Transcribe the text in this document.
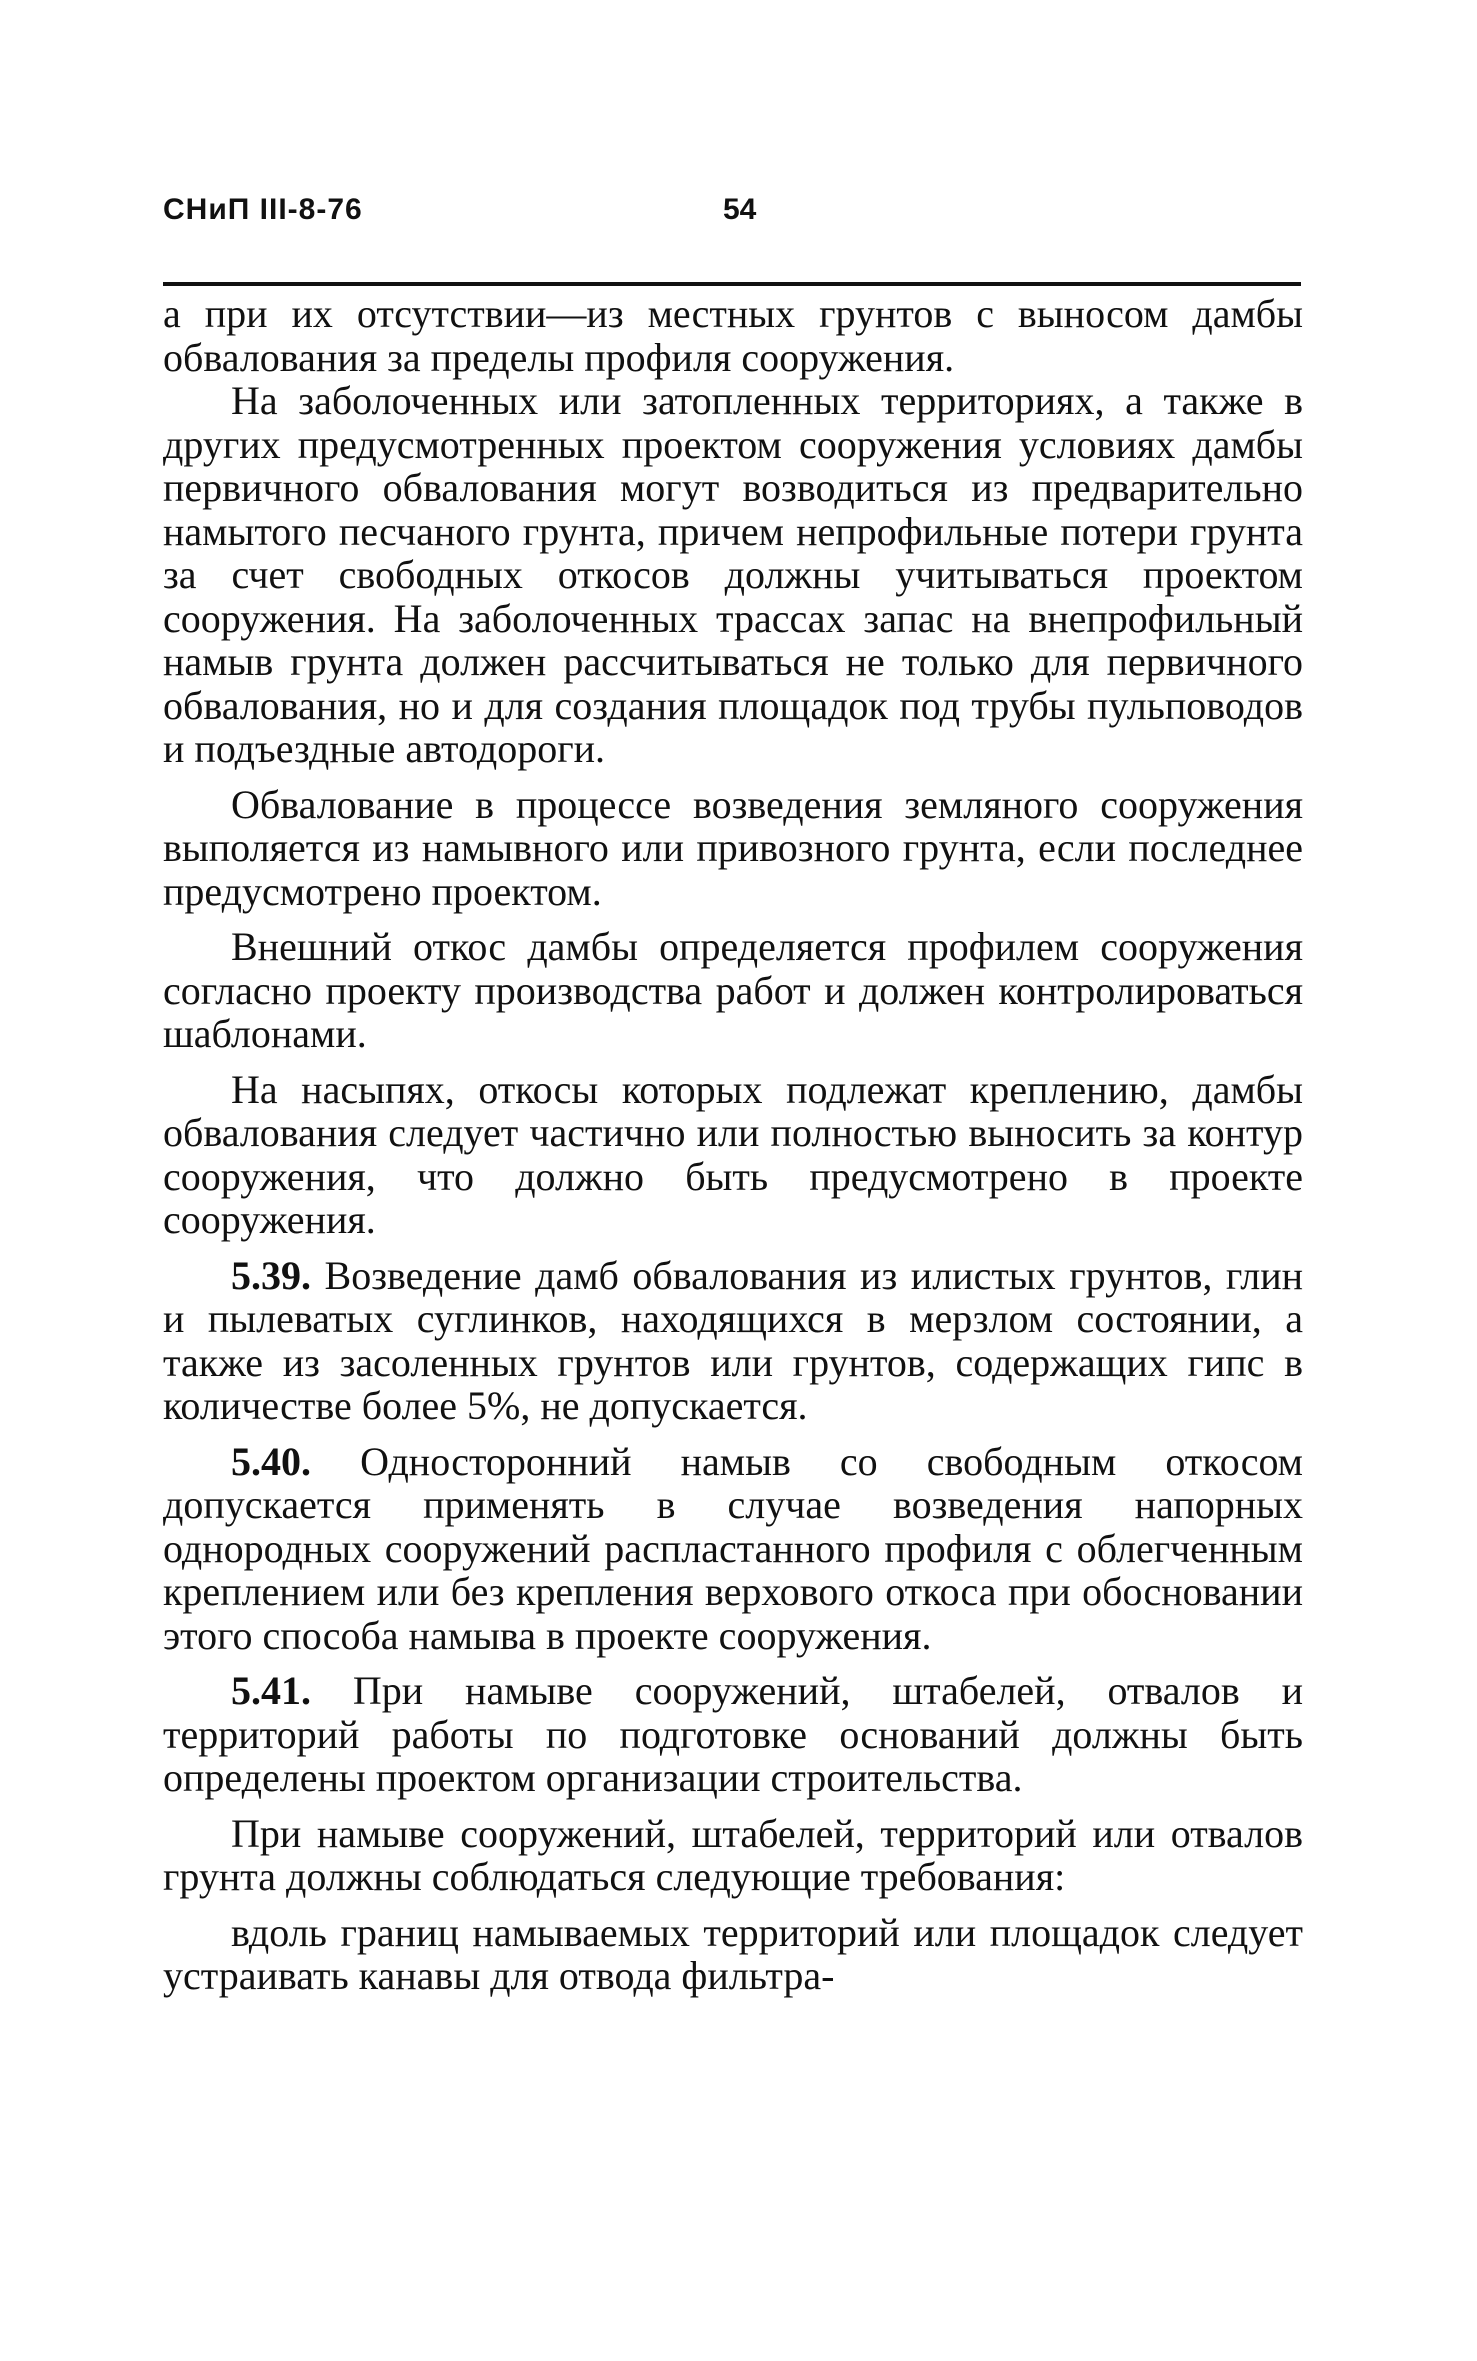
СНиП III-8-76	54

а при их отсутствии—из местных грунтов с выносом дамбы обвалования за пределы профиля сооружения.

На заболоченных или затопленных территориях, а также в других предусмотренных проектом сооружения условиях дамбы первичного обвалования могут возводиться из предварительно намытого песчаного грунта, причем непрофильные потери грунта за счет свободных откосов должны учитываться проектом сооружения. На заболоченных трассах запас на внепрофильный намыв грунта должен рассчитываться не только для первичного обвалования, но и для создания площадок под трубы пульповодов и подъездные автодороги.

Обвалование в процессе возведения земляного сооружения выполяется из намывного или привозного грунта, если последнее предусмотрено проектом.

Внешний откос дамбы определяется профилем сооружения согласно проекту производства работ и должен контролироваться шаблонами.

На насыпях, откосы которых подлежат креплению, дамбы обвалования следует частично или полностью выносить за контур сооружения, что должно быть предусмотрено в проекте сооружения.

5.39. Возведение дамб обвалования из илистых грунтов, глин и пылеватых суглинков, находящихся в мерзлом состоянии, а также из засоленных грунтов или грунтов, содержащих гипс в количестве более 5%, не допускается.

5.40. Односторонний намыв со свободным откосом допускается применять в случае возведения напорных однородных сооружений распластанного профиля с облегченным креплением или без крепления верхового откоса при обосновании этого способа намыва в проекте сооружения.

5.41. При намыве сооружений, штабелей, отвалов и территорий работы по подготовке оснований должны быть определены проектом организации строительства.

При намыве сооружений, штабелей, территорий или отвалов грунта должны соблюдаться следующие требования:

вдоль границ намываемых территорий или площадок следует устраивать канавы для отвода фильтра-
